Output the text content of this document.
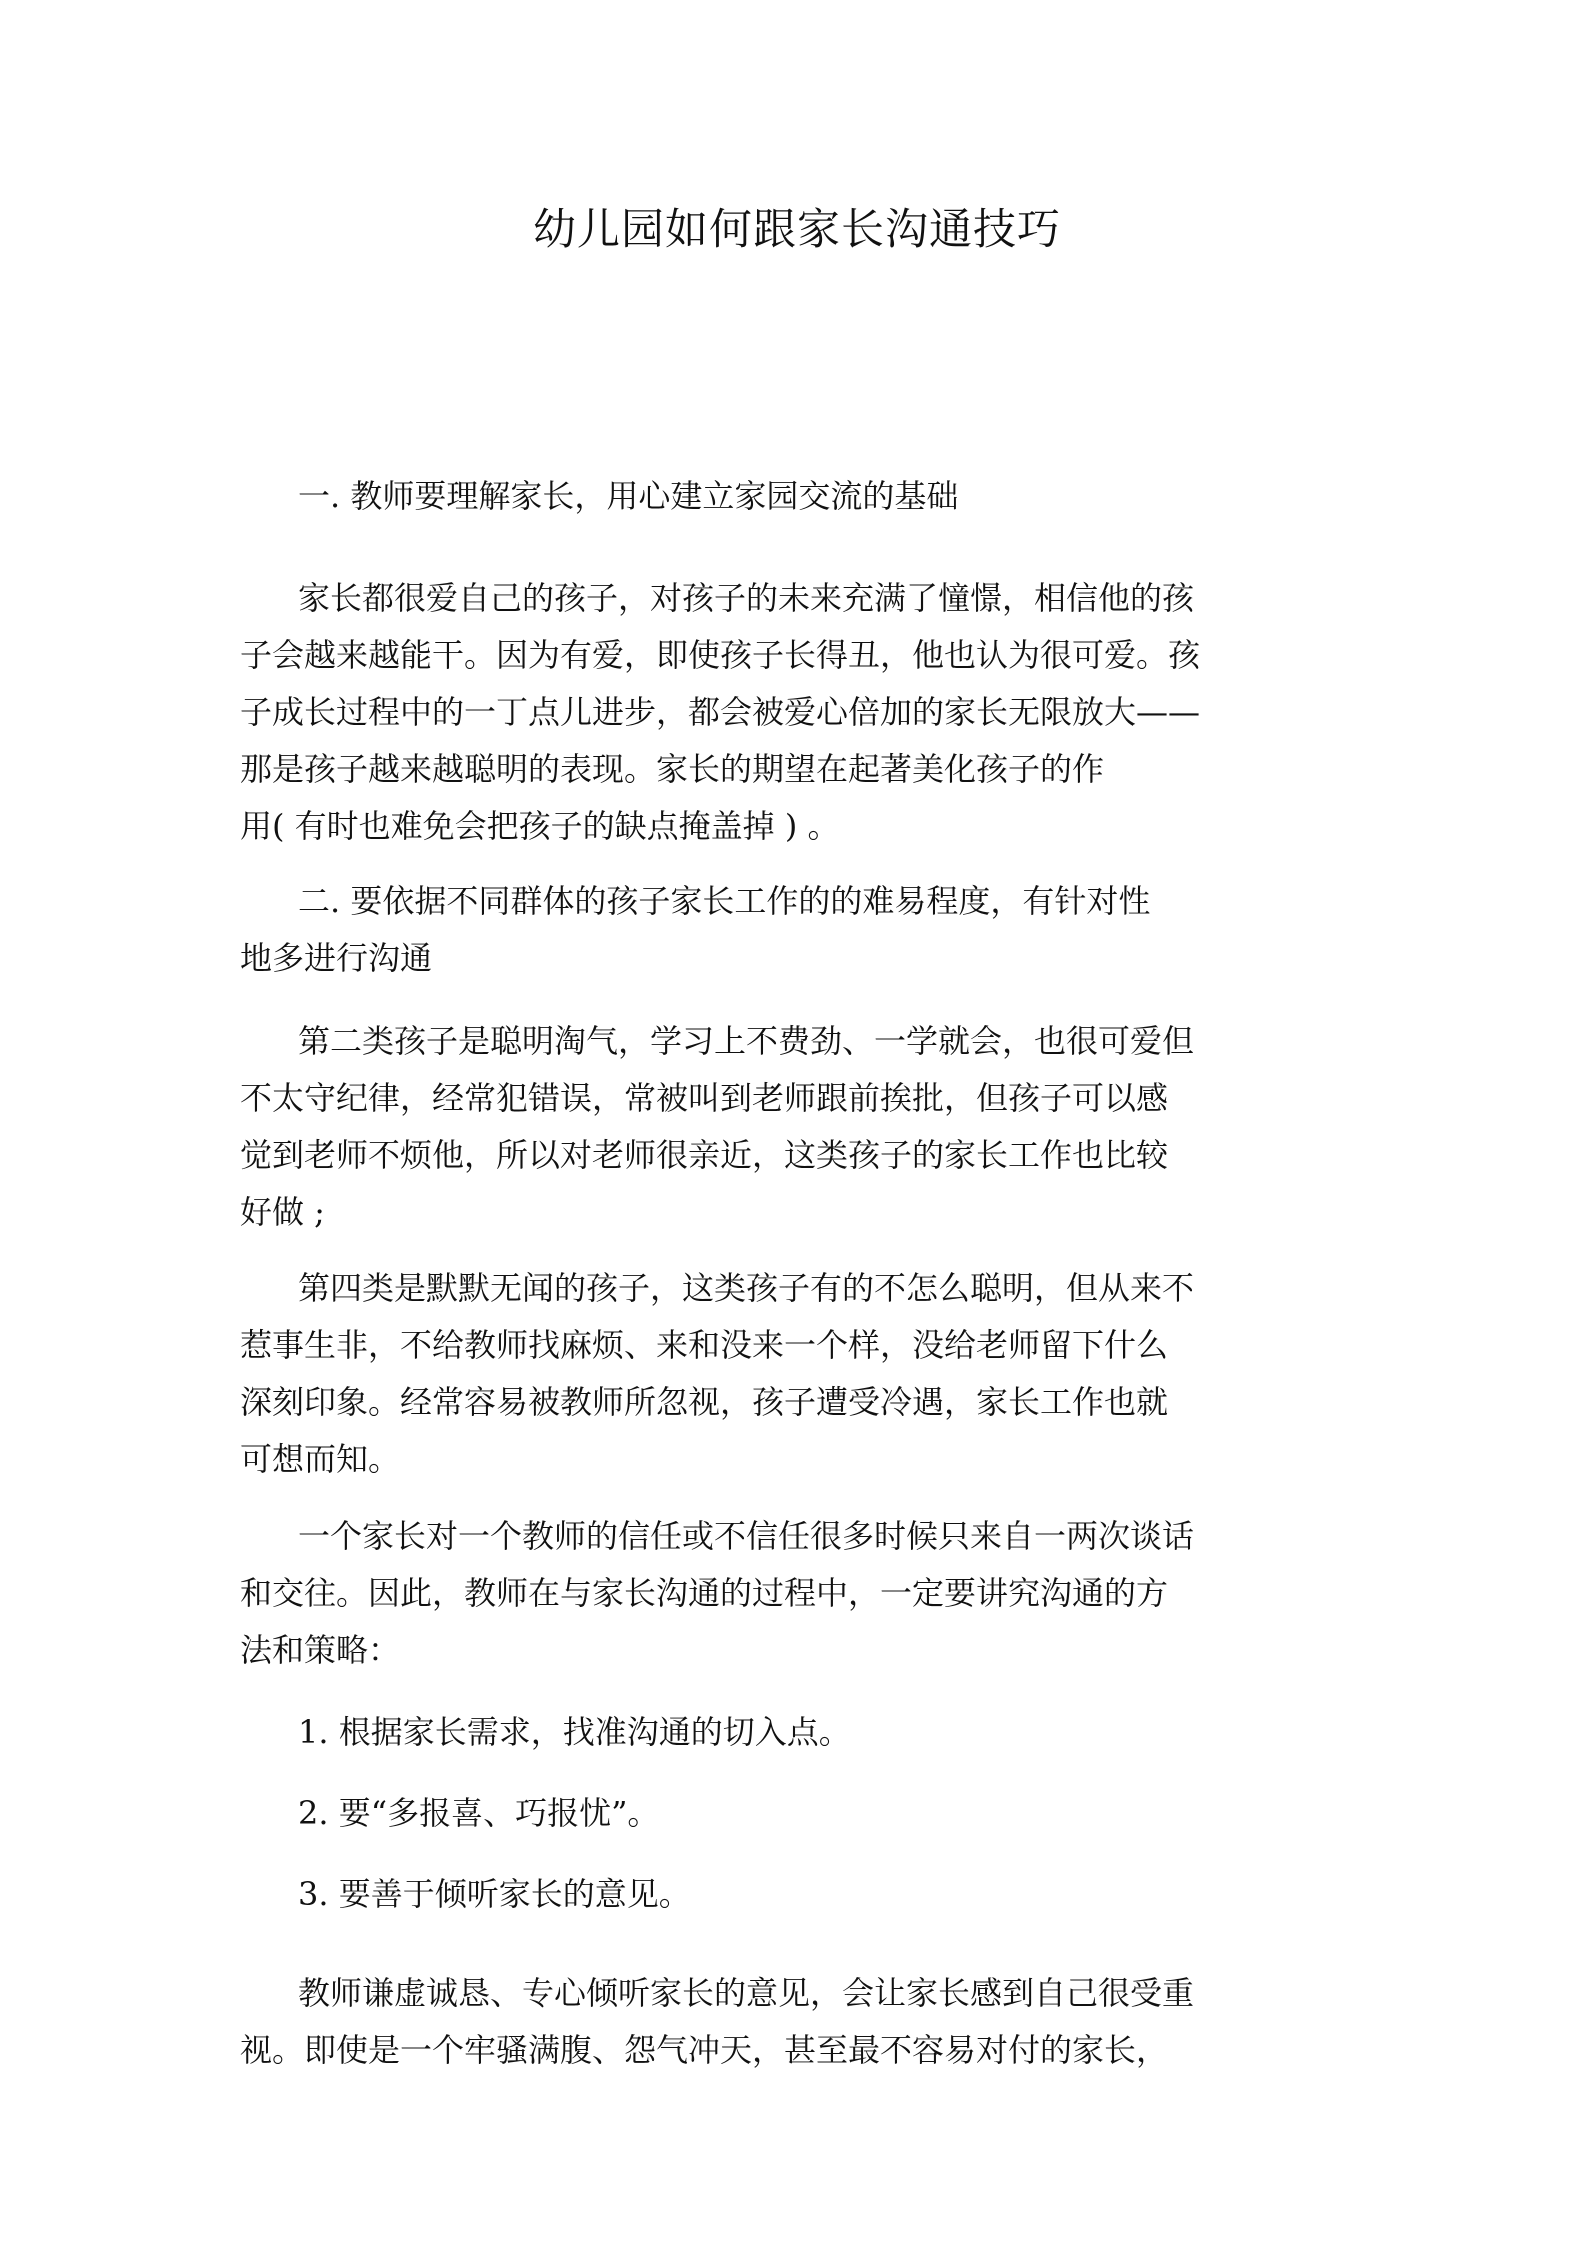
幼儿园如何跟家长沟通技巧
一. 教师要理解家长，用心建立家园交流的基础
家长都很爱自己的孩子，对孩子的未来充满了憧憬，相信他的孩
子会越来越能干。因为有爱，即使孩子长得丑，他也认为很可爱。孩
子成长过程中的一丁点儿进步，都会被爱心倍加的家长无限放大——
那是孩子越来越聪明的表现。家长的期望在起著美化孩子的作
用( 有时也难免会把孩子的缺点掩盖掉 ) 。
二. 要依据不同群体的孩子家长工作的的难易程度，有针对性
地多进行沟通
第二类孩子是聪明淘气，学习上不费劲、一学就会，也很可爱但
不太守纪律，经常犯错误，常被叫到老师跟前挨批，但孩子可以感
觉到老师不烦他，所以对老师很亲近，这类孩子的家长工作也比较
好做 ;
第四类是默默无闻的孩子，这类孩子有的不怎么聪明，但从来不
惹事生非，不给教师找麻烦、来和没来一个样，没给老师留下什么
深刻印象。经常容易被教师所忽视，孩子遭受冷遇，家长工作也就
可想而知。
一个家长对一个教师的信任或不信任很多时候只来自一两次谈话
和交往。因此，教师在与家长沟通的过程中，一定要讲究沟通的方
法和策略：
1. 根据家长需求，找准沟通的切入点。
2. 要“多报喜、巧报忧”。
3. 要善于倾听家长的意见。
教师谦虚诚恳、专心倾听家长的意见，会让家长感到自己很受重
视。即使是一个牢骚满腹、怨气冲天，甚至最不容易对付的家长，
